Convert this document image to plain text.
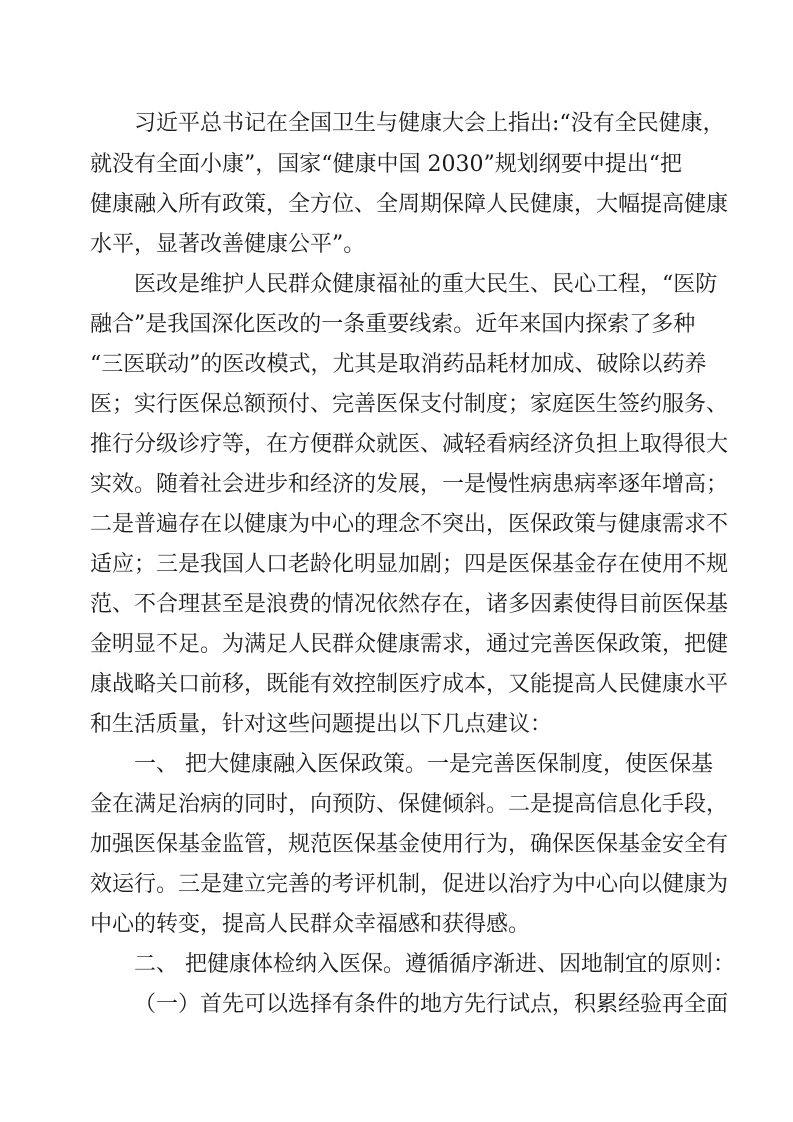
习近平总书记在全国卫生与健康大会上指出:“没有全民健康，
就没有全面小康”，国家“健康中国 2030”规划纲要中提出“把
健康融入所有政策，全方位、全周期保障人民健康，大幅提高健康
水平，显著改善健康公平”。
医改是维护人民群众健康福祉的重大民生、民心工程，“医防
融合”是我国深化医改的一条重要线索。近年来国内探索了多种
“三医联动”的医改模式，尤其是取消药品耗材加成、破除以药养
医；实行医保总额预付、完善医保支付制度；家庭医生签约服务、
推行分级诊疗等，在方便群众就医、减轻看病经济负担上取得很大
实效。随着社会进步和经济的发展，一是慢性病患病率逐年增高；
二是普遍存在以健康为中心的理念不突出，医保政策与健康需求不
适应；三是我国人口老龄化明显加剧；四是医保基金存在使用不规
范、不合理甚至是浪费的情况依然存在，诸多因素使得目前医保基
金明显不足。为满足人民群众健康需求，通过完善医保政策，把健
康战略关口前移，既能有效控制医疗成本，又能提高人民健康水平
和生活质量，针对这些问题提出以下几点建议：
一、 把大健康融入医保政策。一是完善医保制度，使医保基
金在满足治病的同时，向预防、保健倾斜。二是提高信息化手段，
加强医保基金监管，规范医保基金使用行为，确保医保基金安全有
效运行。三是建立完善的考评机制，促进以治疗为中心向以健康为
中心的转变，提高人民群众幸福感和获得感。
二、 把健康体检纳入医保。遵循循序渐进、因地制宜的原则：
（一）首先可以选择有条件的地方先行试点，积累经验再全面
